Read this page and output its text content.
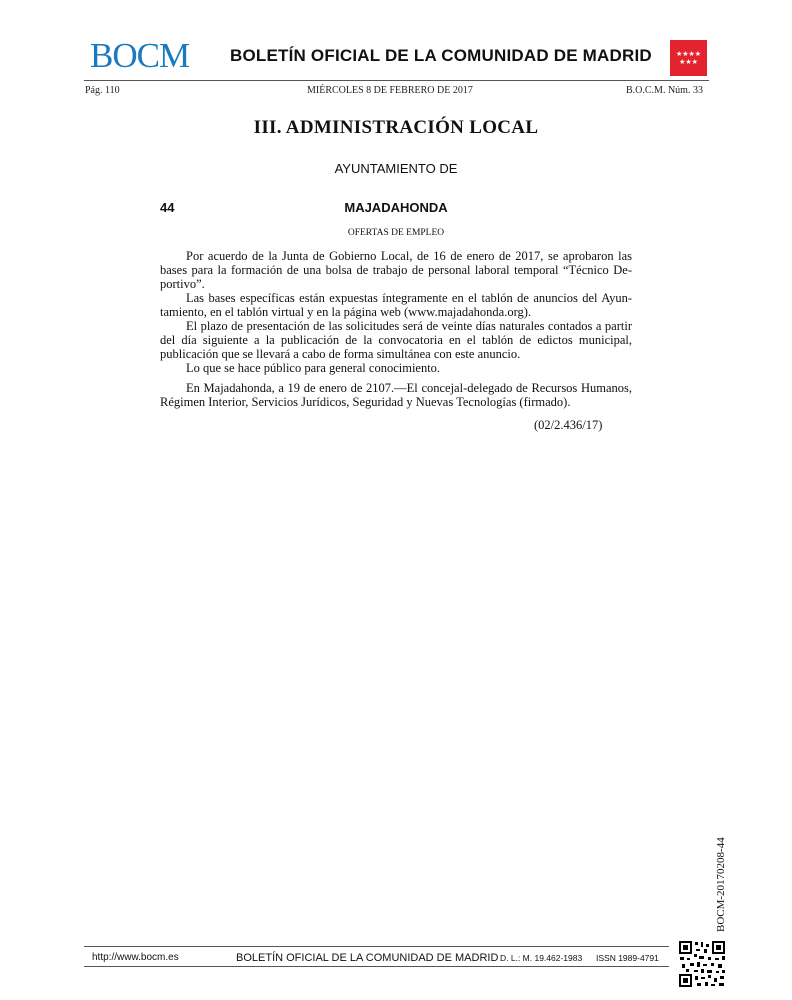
BOCM BOLETÍN OFICIAL DE LA COMUNIDAD DE MADRID	★★★★
★★★
Pág. 110	MIÉRCOLES 8 DE FEBRERO DE 2017	B.O.C.M. Núm. 33
III. ADMINISTRACIÓN LOCAL
AYUNTAMIENTO DE
44	MAJADAHONDA
OFERTAS DE EMPLEO

Por acuerdo de la Junta de Gobierno Local, de 16 de enero de 2017, se aprobaron las bases para la formación de una bolsa de trabajo de personal laboral temporal “Técnico Deportivo”.

Las bases específicas están expuestas íntegramente en el tablón de anuncios del Ayuntamiento, en el tablón virtual y en la página web (www.majadahonda.org).

El plazo de presentación de las solicitudes será de veinte días naturales contados a partir del día siguiente a la publicación de la convocatoria en el tablón de edictos municipal, publicación que se llevará a cabo de forma simultánea con este anuncio.

Lo que se hace público para general conocimiento.

En Majadahonda, a 19 de enero de 2107.—El concejal-delegado de Recursos Humanos, Régimen Interior, Servicios Jurídicos, Seguridad y Nuevas Tecnologías (firmado).

(02/2.436/17)
BOCM-20170208-44
http://www.bocm.es	BOLETÍN OFICIAL DE LA COMUNIDAD DE MADRID D. L.: M. 19.462-1983 ISSN 1989-4791
